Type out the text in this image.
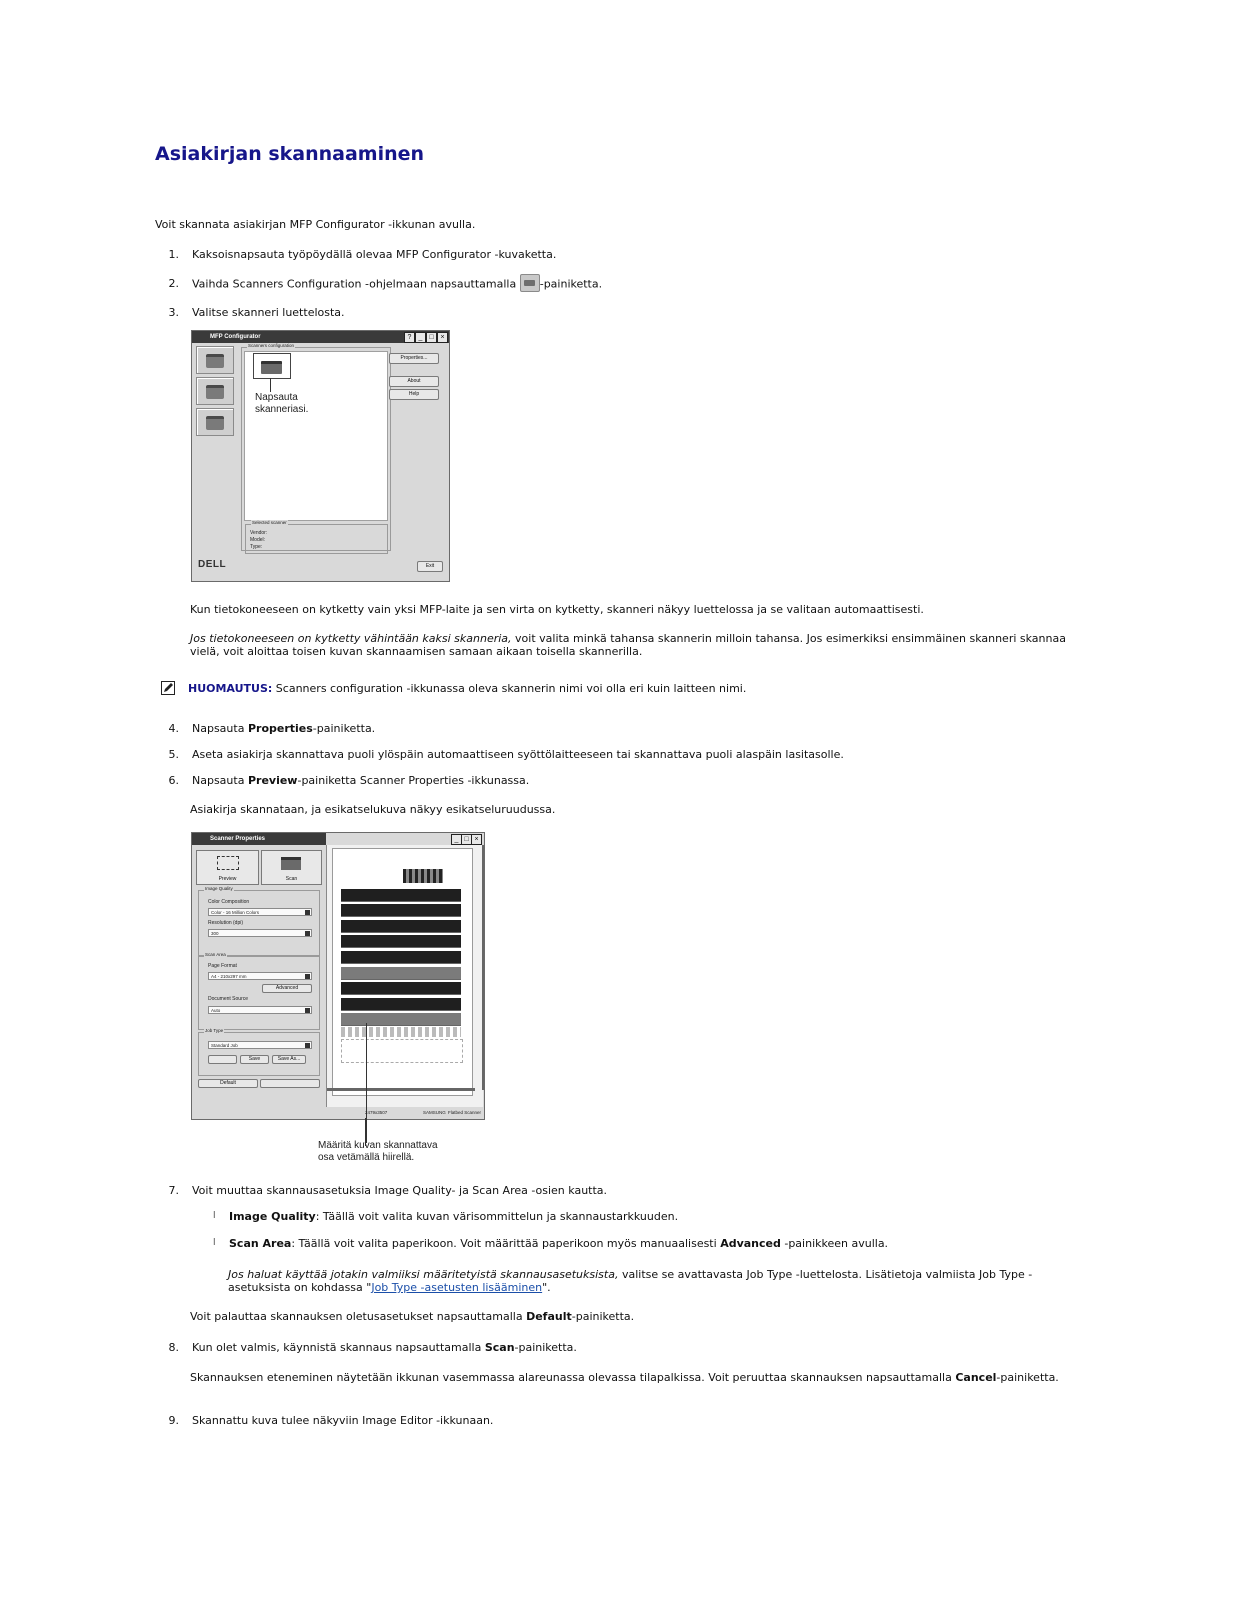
Asiakirjan skannaaminen
Voit skannata asiakirjan MFP Configurator -ikkunan avulla.
1. Kaksoisnapsauta työpöydällä olevaa MFP Configurator -kuvaketta.
2. Vaihda Scanners Configuration -ohjelmaan napsauttamalla
-painiketta.
3. Valitse skanneri luettelosta.
MFP Configurator	?	_ □ ×
Scanners configuration
Napsauta
skanneriasi.
Properties...
About
Help
Selected scanner
Vendor:
Model:
Type:
DELL	Exit
Kun tietokoneeseen on kytketty vain yksi MFP-laite ja sen virta on kytketty, skanneri näkyy luettelossa ja se valitaan automaattisesti.
Jos tietokoneeseen on kytketty vähintään kaksi skanneria, voit valita minkä tahansa skannerin milloin tahansa. Jos esimerkiksi ensimmäinen skanneri skannaa vielä, voit aloittaa toisen kuvan skannaamisen samaan aikaan toisella skannerilla.
HUOMAUTUS: Scanners configuration -ikkunassa oleva skannerin nimi voi olla eri kuin laitteen nimi.
4. Napsauta Properties-painiketta.
5. Aseta asiakirja skannattava puoli ylöspäin automaattiseen syöttölaitteeseen tai skannattava puoli alaspäin lasitasolle.
6. Napsauta Preview-painiketta Scanner Properties -ikkunassa.
Asiakirja skannataan, ja esikatselukuva näkyy esikatseluruudussa.
Scanner Properties	_ □ ×
Preview	Scan
Image Quality
Color Composition
Color - 16 Million Colors
Resolution (dpi)
300
Scan Area
Page Format
A4 - 210x297 mm
Advanced
Document Source
Auto
Job Type
Standard Job
Save	Save As...
Default
2479x3507	SAMSUNG Flatbed Scanner
Määritä kuvan skannattava
osa vetämällä hiirellä.
7. Voit muuttaa skannausasetuksia Image Quality- ja Scan Area -osien kautta.
l Image Quality: Täällä voit valita kuvan värisommittelun ja skannaustarkkuuden.
l Scan Area: Täällä voit valita paperikoon. Voit määrittää paperikoon myös manuaalisesti Advanced -painikkeen avulla.
Jos haluat käyttää jotakin valmiiksi määritetyistä skannausasetuksista, valitse se avattavasta Job Type -luettelosta. Lisätietoja valmiista Job Type -asetuksista on kohdassa "Job Type -asetusten lisääminen".
Voit palauttaa skannauksen oletusasetukset napsauttamalla Default-painiketta.
8. Kun olet valmis, käynnistä skannaus napsauttamalla Scan-painiketta.
Skannauksen eteneminen näytetään ikkunan vasemmassa alareunassa olevassa tilapalkissa. Voit peruuttaa skannauksen napsauttamalla Cancel-painiketta.
9. Skannattu kuva tulee näkyviin Image Editor -ikkunaan.
